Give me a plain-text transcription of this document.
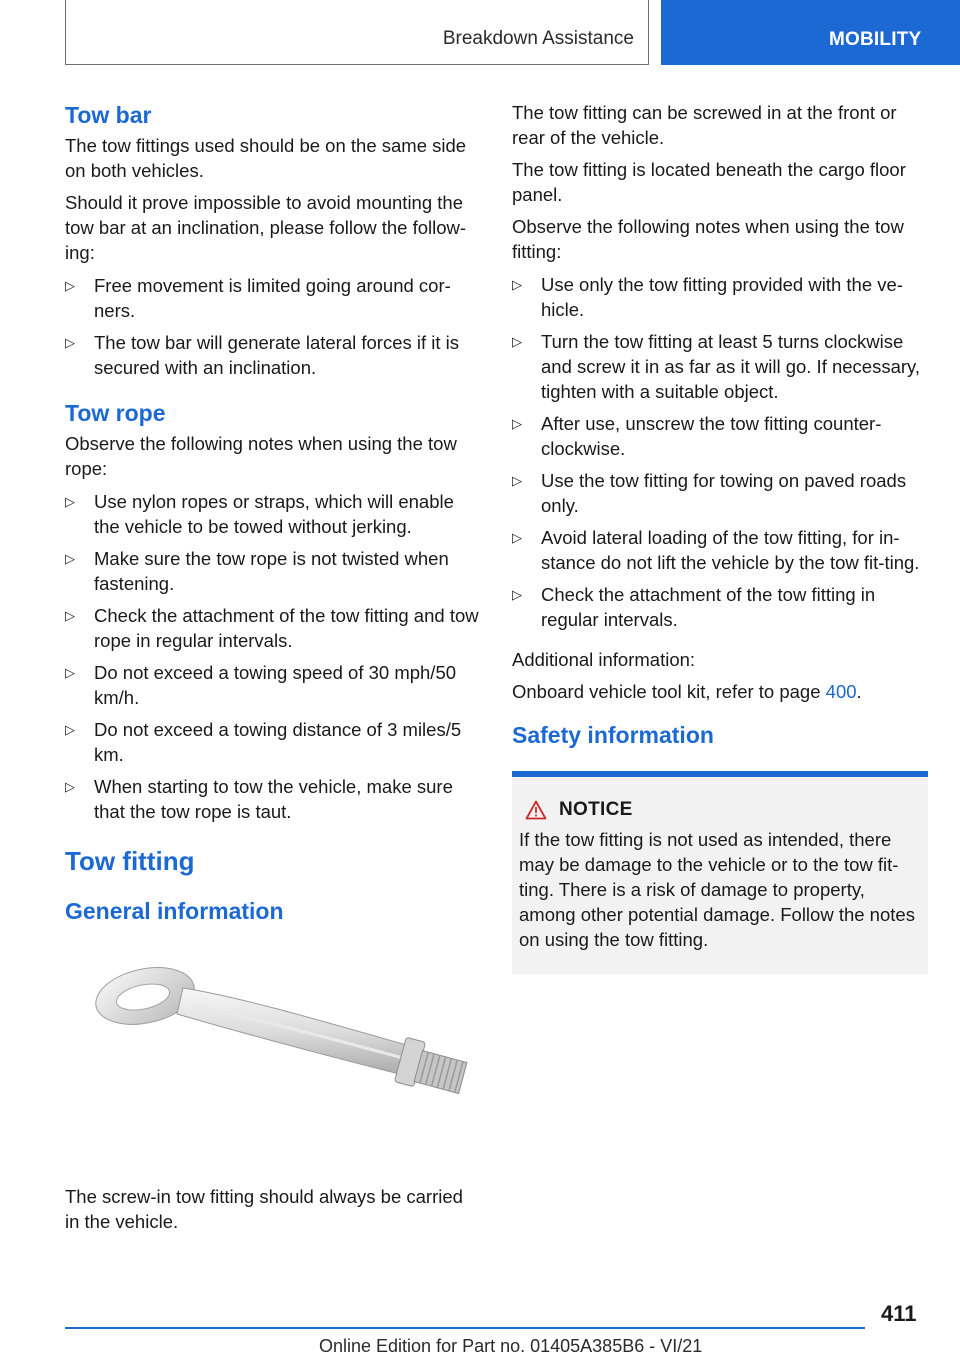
Breakdown Assistance	MOBILITY
Tow bar

The tow fittings used should be on the same side on both vehicles.

Should it prove impossible to avoid mounting the tow bar at an inclination, please follow the follow-ing:

▷ Free movement is limited going around cor-ners.
▷ The tow bar will generate lateral forces if it is secured with an inclination.
Tow rope

Observe the following notes when using the tow rope:

▷ Use nylon ropes or straps, which will enable the vehicle to be towed without jerking.
▷ Make sure the tow rope is not twisted when fastening.
▷ Check the attachment of the tow fitting and tow rope in regular intervals.
▷ Do not exceed a towing speed of 30 mph/50 km/h.
▷ Do not exceed a towing distance of 3 miles/5 km.
▷ When starting to tow the vehicle, make sure that the tow rope is taut.
Tow fitting
General information

The screw-in tow fitting should always be carried in the vehicle.

The tow fitting can be screwed in at the front or rear of the vehicle.

The tow fitting is located beneath the cargo floor panel.

Observe the following notes when using the tow fitting:

▷ Use only the tow fitting provided with the ve-hicle.
▷ Turn the tow fitting at least 5 turns clockwise and screw it in as far as it will go. If necessary, tighten with a suitable object.
▷ After use, unscrew the tow fitting counter-clockwise.
▷ Use the tow fitting for towing on paved roads only.
▷ Avoid lateral loading of the tow fitting, for in-stance do not lift the vehicle by the tow fit-ting.
▷ Check the attachment of the tow fitting in regular intervals.

Additional information:

Onboard vehicle tool kit, refer to page 400.

Safety information
NOTICE

If the tow fitting is not used as intended, there may be damage to the vehicle or to the tow fit-ting. There is a risk of damage to property, among other potential damage. Follow the notes on using the tow fitting.

411
Online Edition for Part no. 01405A385B6 - VI/21
